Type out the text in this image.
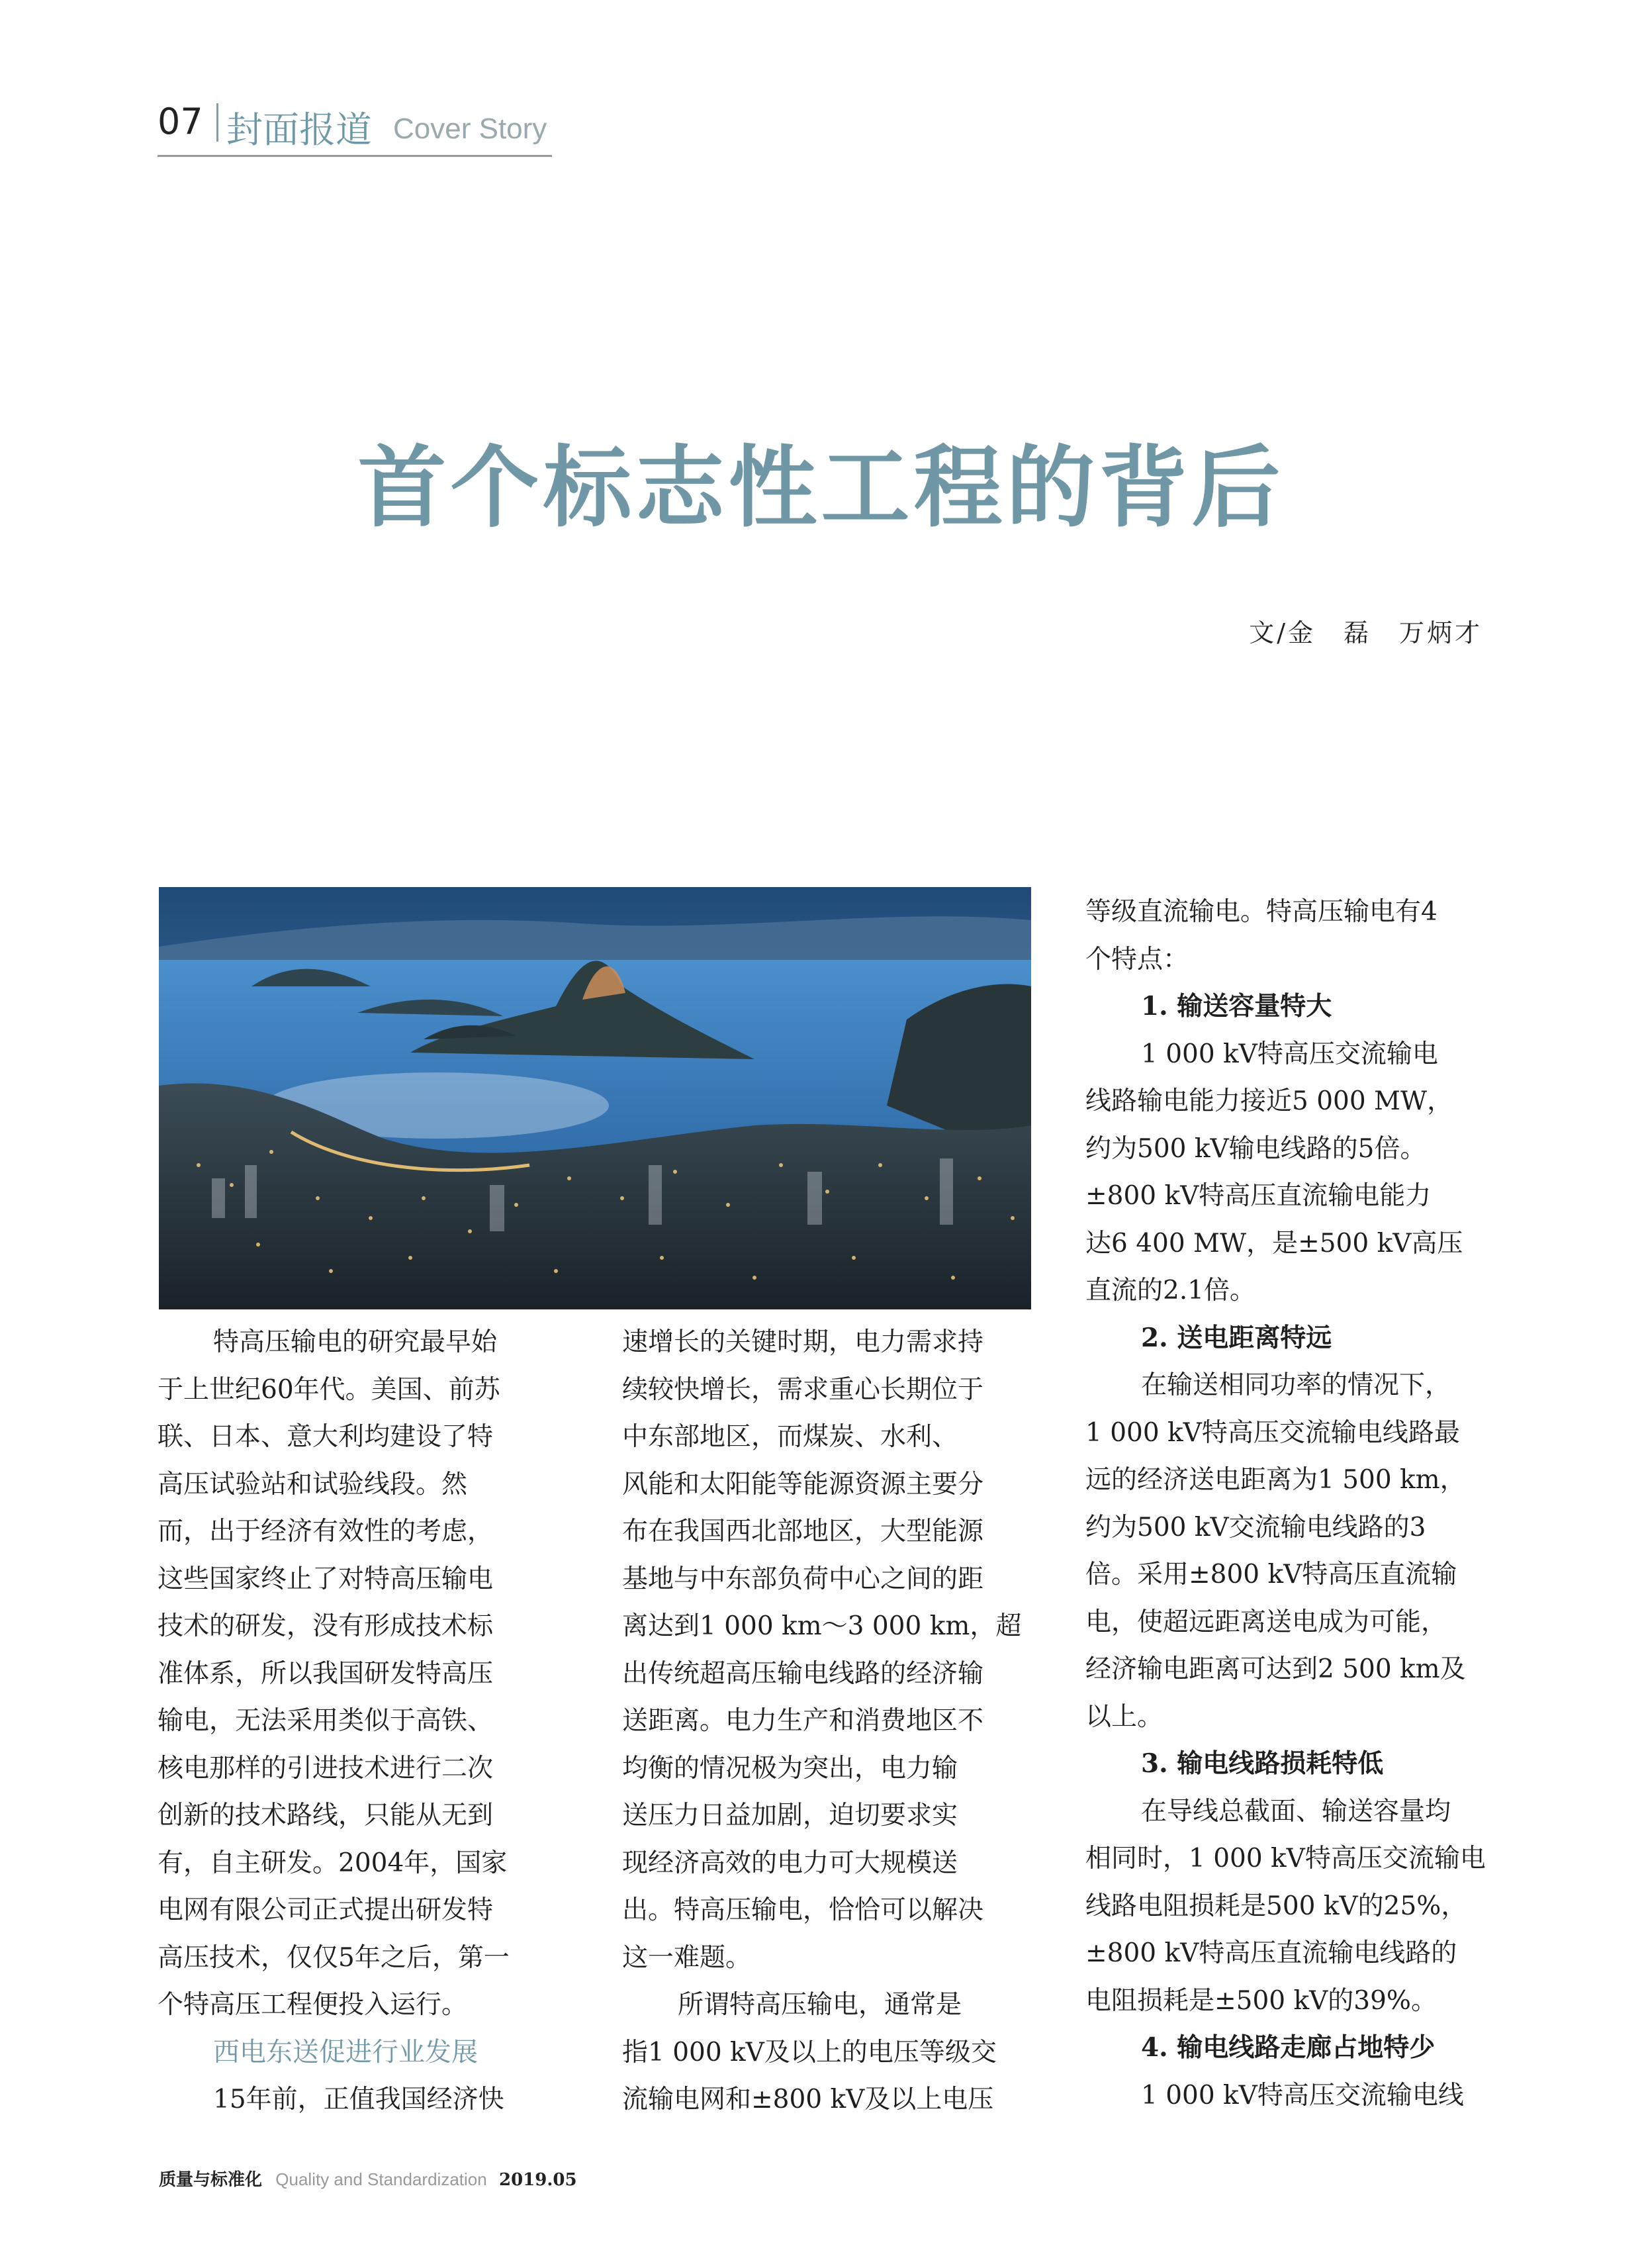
07 封面报道 Cover Story
首个标志性工程的背后
文/金　磊　万炳才

特高压输电的研究最早始

于上世纪60年代。美国、前苏

联、日本、意大利均建设了特

高压试验站和试验线段。然

而，出于经济有效性的考虑，

这些国家终止了对特高压输电

技术的研发，没有形成技术标

准体系，所以我国研发特高压

输电，无法采用类似于高铁、

核电那样的引进技术进行二次

创新的技术路线，只能从无到

有，自主研发。2004年，国家

电网有限公司正式提出研发特

高压技术，仅仅5年之后，第一

个特高压工程便投入运行。

西电东送促进行业发展

15年前，正值我国经济快

速增长的关键时期，电力需求持

续较快增长，需求重心长期位于

中东部地区，而煤炭、水利、

风能和太阳能等能源资源主要分

布在我国西北部地区，大型能源

基地与中东部负荷中心之间的距

离达到1 000 km～3 000 km，超

出传统超高压输电线路的经济输

送距离。电力生产和消费地区不

均衡的情况极为突出，电力输

送压力日益加剧，迫切要求实

现经济高效的电力可大规模送

出。特高压输电，恰恰可以解决

这一难题。

所谓特高压输电，通常是

指1 000 kV及以上的电压等级交

流输电网和±800 kV及以上电压

等级直流输电。特高压输电有4

个特点：

1. 输送容量特大

1 000 kV特高压交流输电

线路输电能力接近5 000 MW，

约为500 kV输电线路的5倍。

±800 kV特高压直流输电能力

达6 400 MW，是±500 kV高压

直流的2.1倍。

2. 送电距离特远

在输送相同功率的情况下，

1 000 kV特高压交流输电线路最

远的经济送电距离为1 500 km，

约为500 kV交流输电线路的3

倍。采用±800 kV特高压直流输

电，使超远距离送电成为可能，

经济输电距离可达到2 500 km及

以上。

3. 输电线路损耗特低

在导线总截面、输送容量均

相同时，1 000 kV特高压交流输电

线路电阻损耗是500 kV的25%，

±800 kV特高压直流输电线路的

电阻损耗是±500 kV的39%。

4. 输电线路走廊占地特少

1 000 kV特高压交流输电线

质量与标准化 Quality and Standardization 2019.05
